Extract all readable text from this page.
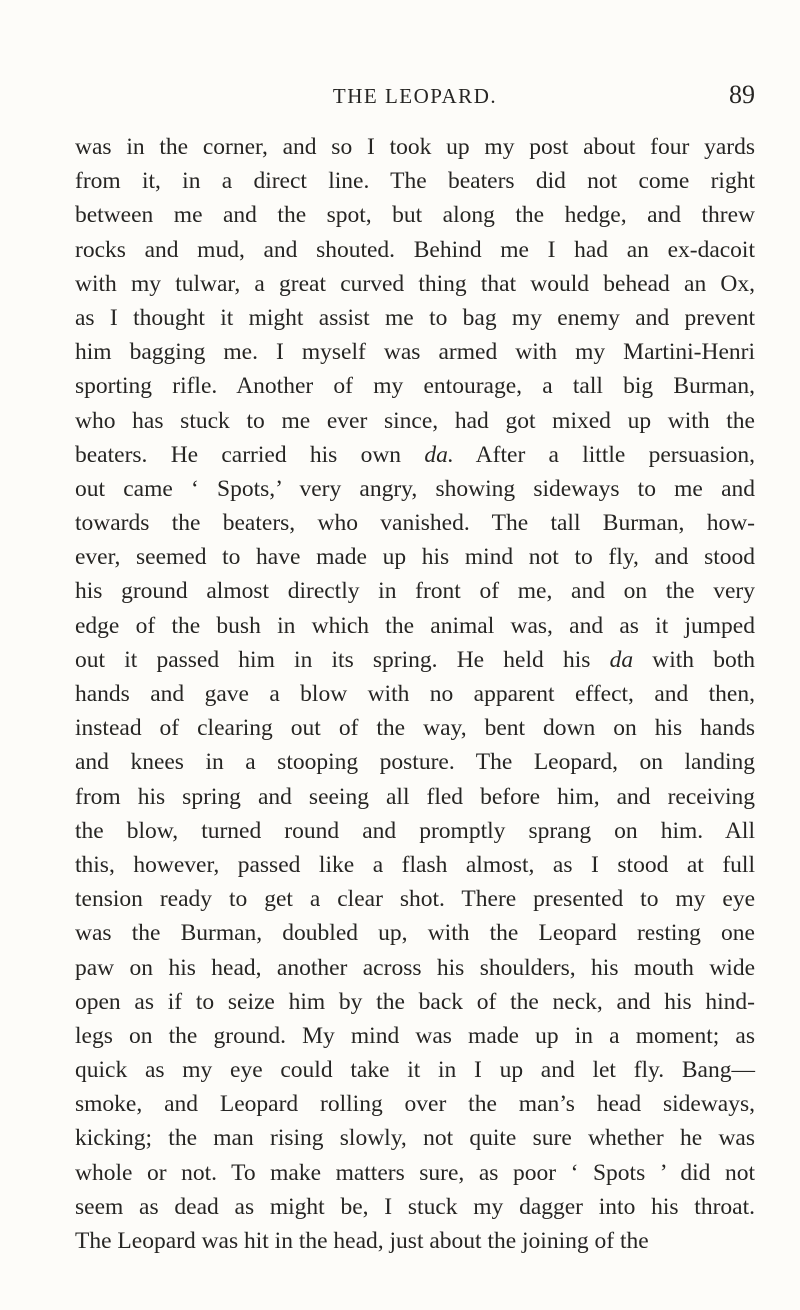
THE LEOPARD.	89
was in the corner, and so I took up my post about four yards
from it, in a direct line. The beaters did not come right
between me and the spot, but along the hedge, and threw
rocks and mud, and shouted. Behind me I had an ex-dacoit
with my tulwar, a great curved thing that would behead an Ox,
as I thought it might assist me to bag my enemy and prevent
him bagging me. I myself was armed with my Martini-Henri
sporting rifle. Another of my entourage, a tall big Burman,
who has stuck to me ever since, had got mixed up with the
beaters. He carried his own da. After a little persuasion,
out came ‘ Spots,’ very angry, showing sideways to me and
towards the beaters, who vanished. The tall Burman, how-
ever, seemed to have made up his mind not to fly, and stood
his ground almost directly in front of me, and on the very
edge of the bush in which the animal was, and as it jumped
out it passed him in its spring. He held his da with both
hands and gave a blow with no apparent effect, and then,
instead of clearing out of the way, bent down on his hands
and knees in a stooping posture. The Leopard, on landing
from his spring and seeing all fled before him, and receiving
the blow, turned round and promptly sprang on him. All
this, however, passed like a flash almost, as I stood at full
tension ready to get a clear shot. There presented to my eye
was the Burman, doubled up, with the Leopard resting one
paw on his head, another across his shoulders, his mouth wide
open as if to seize him by the back of the neck, and his hind-
legs on the ground. My mind was made up in a moment; as
quick as my eye could take it in I up and let fly. Bang—
smoke, and Leopard rolling over the man’s head sideways,
kicking; the man rising slowly, not quite sure whether he was
whole or not. To make matters sure, as poor ‘ Spots ’ did not
seem as dead as might be, I stuck my dagger into his throat.
The Leopard was hit in the head, just about the joining of the
